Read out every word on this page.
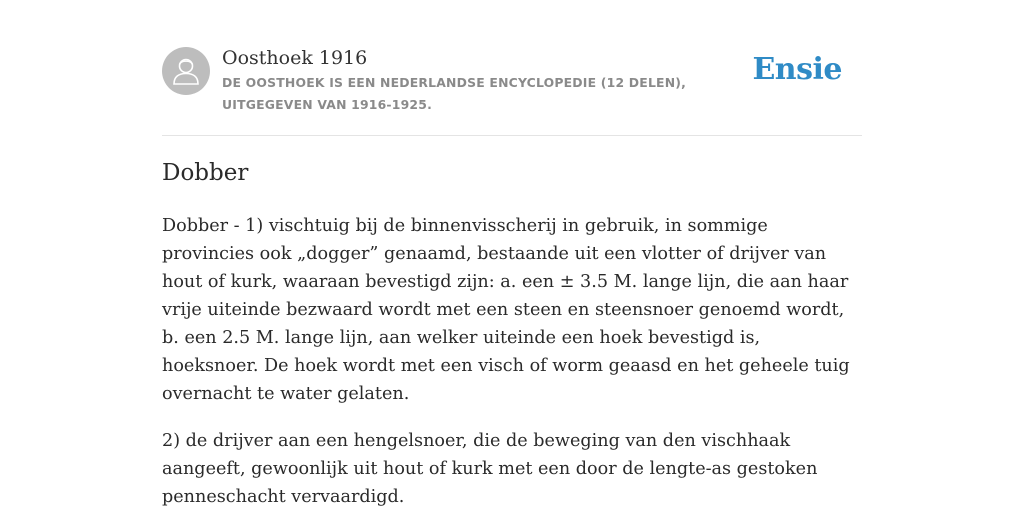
Oosthoek 1916
DE OOSTHOEK IS EEN NEDERLANDSE ENCYCLOPEDIE (12 DELEN), UITGEGEVEN VAN 1916-1925.
Ensie
Dobber

Dobber - 1) vischtuig bij de binnenvisscherij in gebruik, in sommige provincies ook „dogger” genaamd, bestaande uit een vlotter of drijver van hout of kurk, waaraan bevestigd zijn: a. een ± 3.5 M. lange lijn, die aan haar vrije uiteinde bezwaard wordt met een steen en steensnoer genoemd wordt, b. een 2.5 M. lange lijn, aan welker uiteinde een hoek bevestigd is, hoeksnoer. De hoek wordt met een visch of worm geaasd en het geheele tuig overnacht te water gelaten.

2) de drijver aan een hengelsnoer, die de beweging van den vischhaak aangeeft, gewoonlijk uit hout of kurk met een door de lengte-as gestoken penneschacht vervaardigd.
